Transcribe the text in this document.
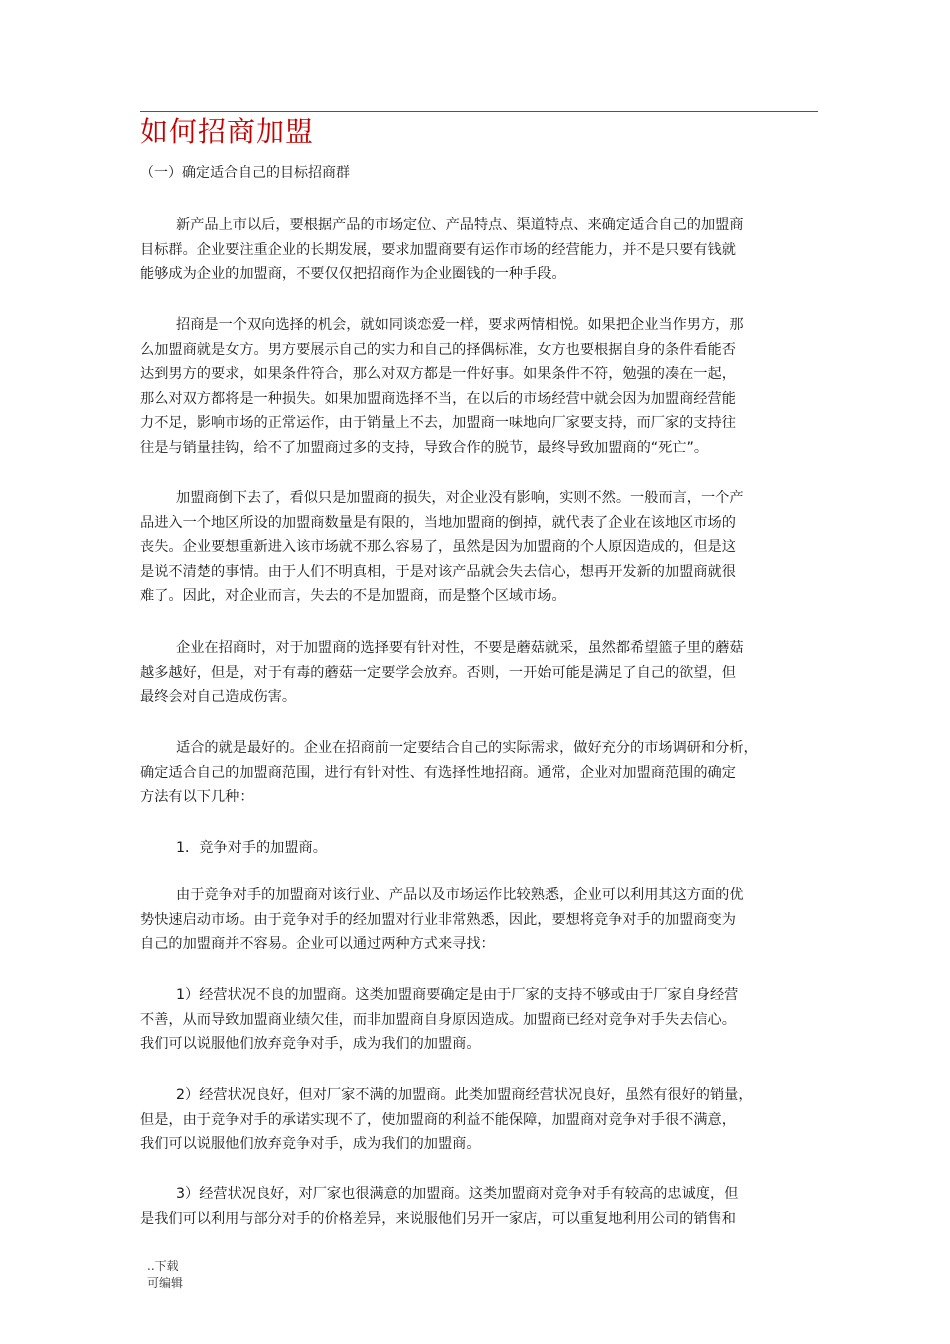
如何招商加盟
（一）确定适合自己的目标招商群
新产品上市以后，要根据产品的市场定位、产品特点、渠道特点、来确定适合自己的加盟商
目标群。企业要注重企业的长期发展，要求加盟商要有运作市场的经营能力，并不是只要有钱就
能够成为企业的加盟商，不要仅仅把招商作为企业圈钱的一种手段。
招商是一个双向选择的机会，就如同谈恋爱一样，要求两情相悦。如果把企业当作男方，那
么加盟商就是女方。男方要展示自己的实力和自己的择偶标准，女方也要根据自身的条件看能否
达到男方的要求，如果条件符合，那么对双方都是一件好事。如果条件不符，勉强的凑在一起，
那么对双方都将是一种损失。如果加盟商选择不当，在以后的市场经营中就会因为加盟商经营能
力不足，影响市场的正常运作，由于销量上不去，加盟商一味地向厂家要支持，而厂家的支持往
往是与销量挂钩，给不了加盟商过多的支持，导致合作的脱节，最终导致加盟商的“死亡”。
加盟商倒下去了，看似只是加盟商的损失，对企业没有影响，实则不然。一般而言，一个产
品进入一个地区所设的加盟商数量是有限的，当地加盟商的倒掉，就代表了企业在该地区市场的
丧失。企业要想重新进入该市场就不那么容易了，虽然是因为加盟商的个人原因造成的，但是这
是说不清楚的事情。由于人们不明真相，于是对该产品就会失去信心，想再开发新的加盟商就很
难了。因此，对企业而言，失去的不是加盟商，而是整个区域市场。
企业在招商时，对于加盟商的选择要有针对性，不要是蘑菇就采，虽然都希望篮子里的蘑菇
越多越好，但是，对于有毒的蘑菇一定要学会放弃。否则，一开始可能是满足了自己的欲望，但
最终会对自己造成伤害。
适合的就是最好的。企业在招商前一定要结合自己的实际需求，做好充分的市场调研和分析，
确定适合自己的加盟商范围，进行有针对性、有选择性地招商。通常，企业对加盟商范围的确定
方法有以下几种：
1．竞争对手的加盟商。
由于竞争对手的加盟商对该行业、产品以及市场运作比较熟悉，企业可以利用其这方面的优
势快速启动市场。由于竞争对手的经加盟对行业非常熟悉，因此，要想将竞争对手的加盟商变为
自己的加盟商并不容易。企业可以通过两种方式来寻找：
1）经营状况不良的加盟商。这类加盟商要确定是由于厂家的支持不够或由于厂家自身经营
不善，从而导致加盟商业绩欠佳，而非加盟商自身原因造成。加盟商已经对竞争对手失去信心。
我们可以说服他们放弃竞争对手，成为我们的加盟商。
2）经营状况良好，但对厂家不满的加盟商。此类加盟商经营状况良好，虽然有很好的销量，
但是，由于竞争对手的承诺实现不了，使加盟商的利益不能保障，加盟商对竞争对手很不满意，
我们可以说服他们放弃竞争对手，成为我们的加盟商。
3）经营状况良好，对厂家也很满意的加盟商。这类加盟商对竞争对手有较高的忠诚度，但
是我们可以利用与部分对手的价格差异，来说服他们另开一家店，可以重复地利用公司的销售和
..下载
可编辑
